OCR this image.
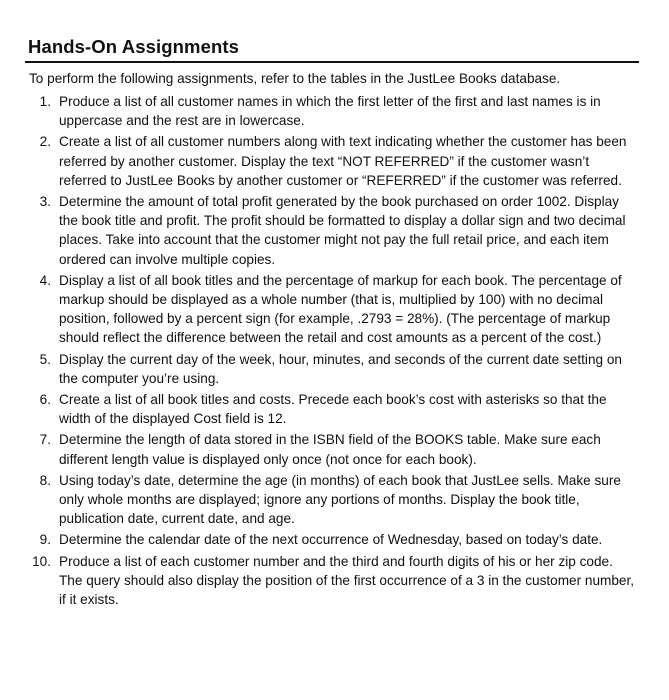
Hands-On Assignments

To perform the following assignments, refer to the tables in the JustLee Books database.

1. Produce a list of all customer names in which the first letter of the first and last names is in uppercase and the rest are in lowercase.
2. Create a list of all customer numbers along with text indicating whether the customer has been referred by another customer. Display the text “NOT REFERRED” if the customer wasn’t referred to JustLee Books by another customer or “REFERRED” if the customer was referred.
3. Determine the amount of total profit generated by the book purchased on order 1002. Display the book title and profit. The profit should be formatted to display a dollar sign and two decimal places. Take into account that the customer might not pay the full retail price, and each item ordered can involve multiple copies.
4. Display a list of all book titles and the percentage of markup for each book. The percentage of markup should be displayed as a whole number (that is, multiplied by 100) with no decimal position, followed by a percent sign (for example, .2793 = 28%). (The percentage of markup should reflect the difference between the retail and cost amounts as a percent of the cost.)
5. Display the current day of the week, hour, minutes, and seconds of the current date setting on the computer you’re using.
6. Create a list of all book titles and costs. Precede each book’s cost with asterisks so that the width of the displayed Cost field is 12.
7. Determine the length of data stored in the ISBN field of the BOOKS table. Make sure each different length value is displayed only once (not once for each book).
8. Using today’s date, determine the age (in months) of each book that JustLee sells. Make sure only whole months are displayed; ignore any portions of months. Display the book title, publication date, current date, and age.
9. Determine the calendar date of the next occurrence of Wednesday, based on today’s date.
10. Produce a list of each customer number and the third and fourth digits of his or her zip code. The query should also display the position of the first occurrence of a 3 in the customer number, if it exists.
